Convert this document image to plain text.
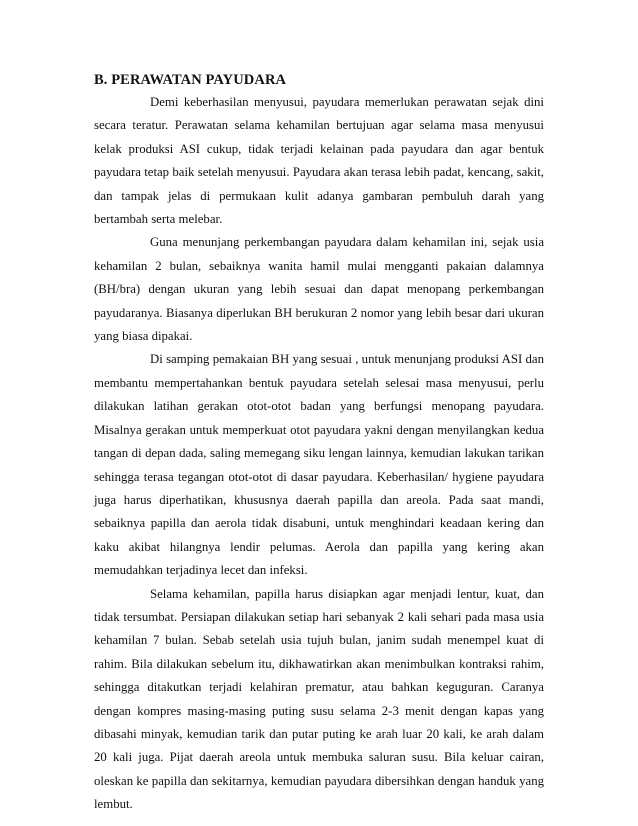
B. PERAWATAN PAYUDARA

Demi keberhasilan menyusui, payudara memerlukan perawatan sejak dini secara teratur. Perawatan selama kehamilan bertujuan agar selama masa menyusui kelak produksi ASI cukup, tidak terjadi kelainan pada payudara dan agar bentuk payudara tetap baik setelah menyusui. Payudara akan terasa lebih padat, kencang, sakit, dan tampak jelas di permukaan kulit adanya gambaran pembuluh darah yang bertambah serta melebar.

Guna menunjang perkembangan payudara dalam kehamilan ini, sejak usia kehamilan 2 bulan, sebaiknya wanita hamil mulai mengganti pakaian dalamnya (BH/bra) dengan ukuran yang lebih sesuai dan dapat menopang perkembangan payudaranya. Biasanya diperlukan BH berukuran 2 nomor yang lebih besar dari ukuran yang biasa dipakai.

Di samping pemakaian BH yang sesuai , untuk menunjang produksi ASI dan membantu mempertahankan bentuk payudara setelah selesai masa menyusui, perlu dilakukan latihan gerakan otot-otot badan yang berfungsi menopang payudara. Misalnya gerakan untuk memperkuat otot payudara yakni dengan menyilangkan kedua tangan di depan dada, saling memegang siku lengan lainnya, kemudian lakukan tarikan sehingga terasa tegangan otot-otot di dasar payudara. Keberhasilan/ hygiene payudara juga harus diperhatikan, khususnya daerah papilla dan areola. Pada saat mandi, sebaiknya papilla dan aerola tidak disabuni, untuk menghindari keadaan kering dan kaku akibat hilangnya lendir pelumas. Aerola dan papilla yang kering akan memudahkan terjadinya lecet dan infeksi.

Selama kehamilan, papilla harus disiapkan agar menjadi lentur, kuat, dan tidak tersumbat. Persiapan dilakukan setiap hari sebanyak 2 kali sehari pada masa usia kehamilan 7 bulan. Sebab setelah usia tujuh bulan, janim sudah menempel kuat di rahim. Bila dilakukan sebelum itu, dikhawatirkan akan menimbulkan kontraksi rahim, sehingga ditakutkan terjadi kelahiran prematur, atau bahkan keguguran. Caranya dengan kompres masing-masing puting susu selama 2-3 menit dengan kapas yang dibasahi minyak, kemudian tarik dan putar puting ke arah luar 20 kali, ke arah dalam 20 kali juga. Pijat daerah areola untuk membuka saluran susu. Bila keluar cairan, oleskan ke papilla dan sekitarnya, kemudian payudara dibersihkan dengan handuk yang lembut.
